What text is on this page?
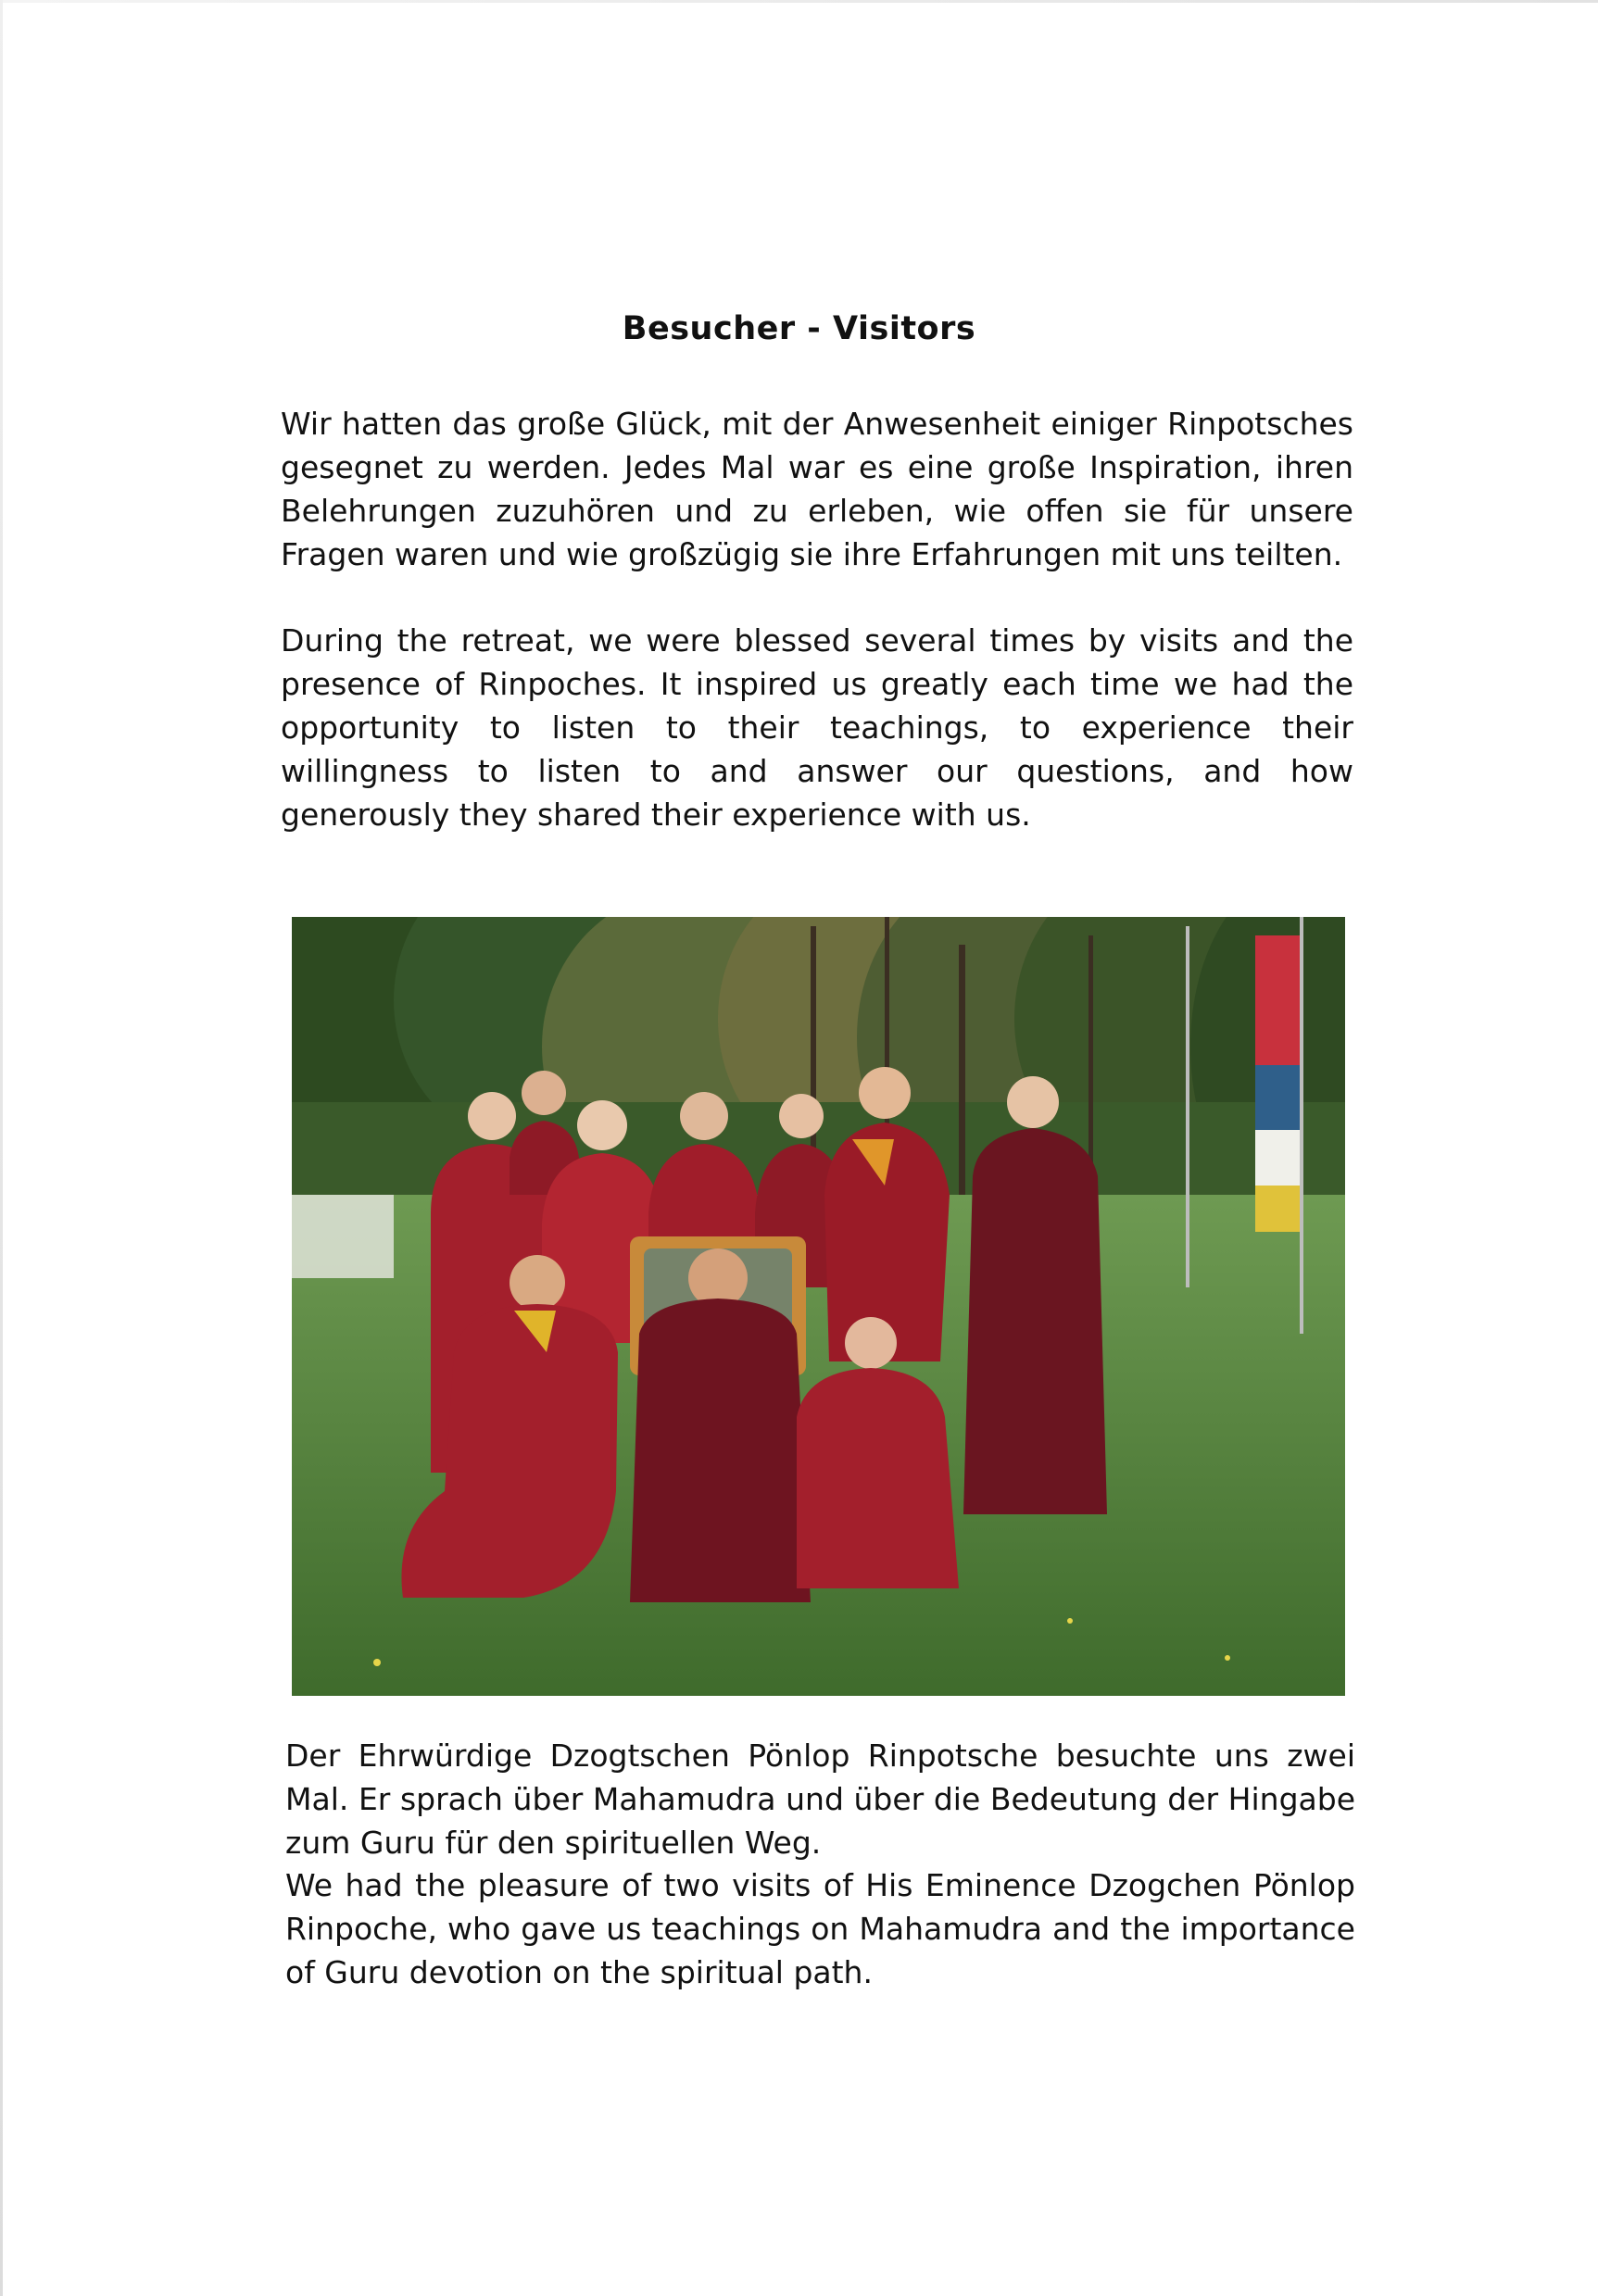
Besucher - Visitors

Wir hatten das große Glück, mit der Anwesenheit einiger Rinpotsches gesegnet zu werden. Jedes Mal war es eine große Inspiration, ihren Belehrungen zuzuhören und zu erleben, wie offen sie für unsere Fragen waren und wie großzügig sie ihre Erfahrungen mit uns teilten.

During the retreat, we were blessed several times by visits and the presence of Rinpoches. It inspired us greatly each time we had the opportunity to listen to their teachings, to experience their willingness to listen to and answer our questions, and how generously they shared their experience with us.

Der Ehrwürdige Dzogtschen Pönlop Rinpotsche besuchte uns zwei Mal. Er sprach über Mahamudra und über die Bedeutung der Hingabe zum Guru für den spirituellen Weg.

We had the pleasure of two visits of His Eminence Dzogchen Pönlop Rinpoche, who gave us teachings on Mahamudra and the importance of Guru devotion on the spiritual path.
